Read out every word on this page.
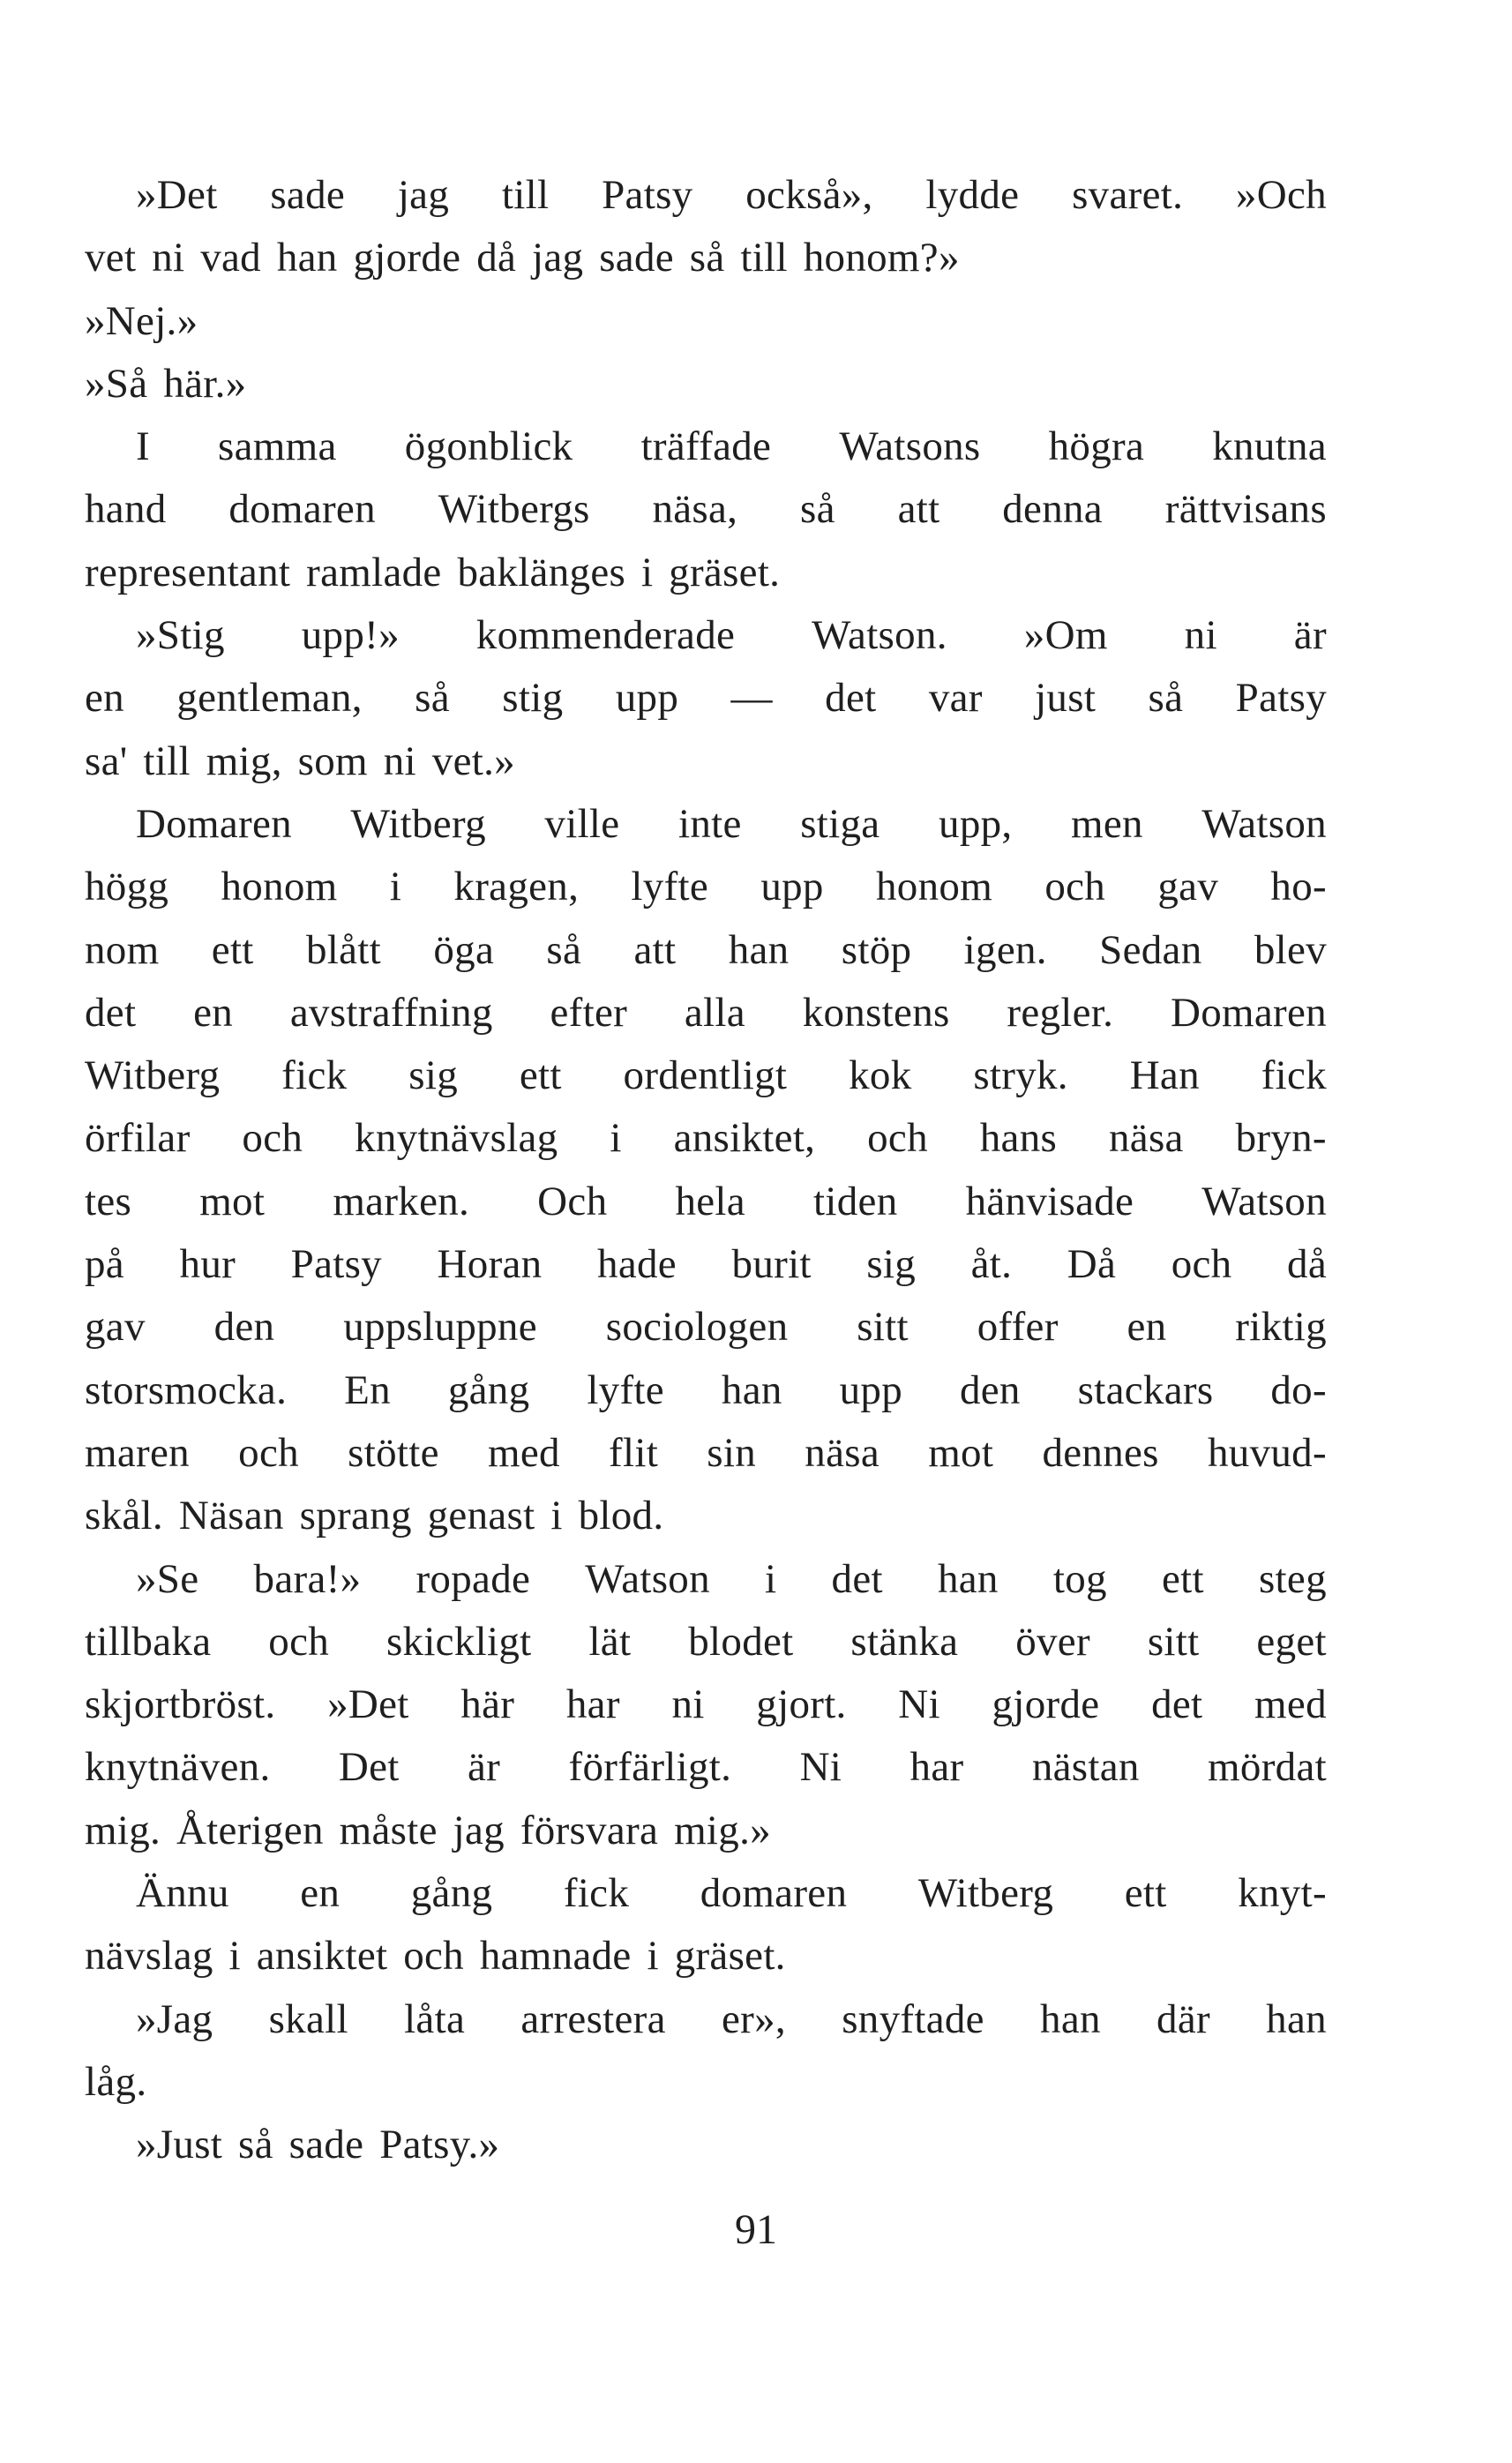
»Det sade jag till Patsy också», lydde svaret. »Och
vet ni vad han gjorde då jag sade så till honom?»
»Nej.»
»Så här.»
I samma ögonblick träffade Watsons högra knutna
hand domaren Witbergs näsa, så att denna rättvisans
representant ramlade baklänges i gräset.
»Stig upp!» kommenderade Watson. »Om ni är
en gentleman, så stig upp — det var just så Patsy
sa' till mig, som ni vet.»
Domaren Witberg ville inte stiga upp, men Watson
högg honom i kragen, lyfte upp honom och gav ho-
nom ett blått öga så att han stöp igen. Sedan blev
det en avstraffning efter alla konstens regler. Domaren
Witberg fick sig ett ordentligt kok stryk. Han fick
örfilar och knytnävslag i ansiktet, och hans näsa bryn-
tes mot marken. Och hela tiden hänvisade Watson
på hur Patsy Horan hade burit sig åt. Då och då
gav den uppsluppne sociologen sitt offer en riktig
storsmocka. En gång lyfte han upp den stackars do-
maren och stötte med flit sin näsa mot dennes huvud-
skål. Näsan sprang genast i blod.
»Se bara!» ropade Watson i det han tog ett steg
tillbaka och skickligt lät blodet stänka över sitt eget
skjortbröst. »Det här har ni gjort. Ni gjorde det med
knytnäven. Det är förfärligt. Ni har nästan mördat
mig. Återigen måste jag försvara mig.»
Ännu en gång fick domaren Witberg ett knyt-
nävslag i ansiktet och hamnade i gräset.
»Jag skall låta arrestera er», snyftade han där han
låg.
»Just så sade Patsy.»
91
